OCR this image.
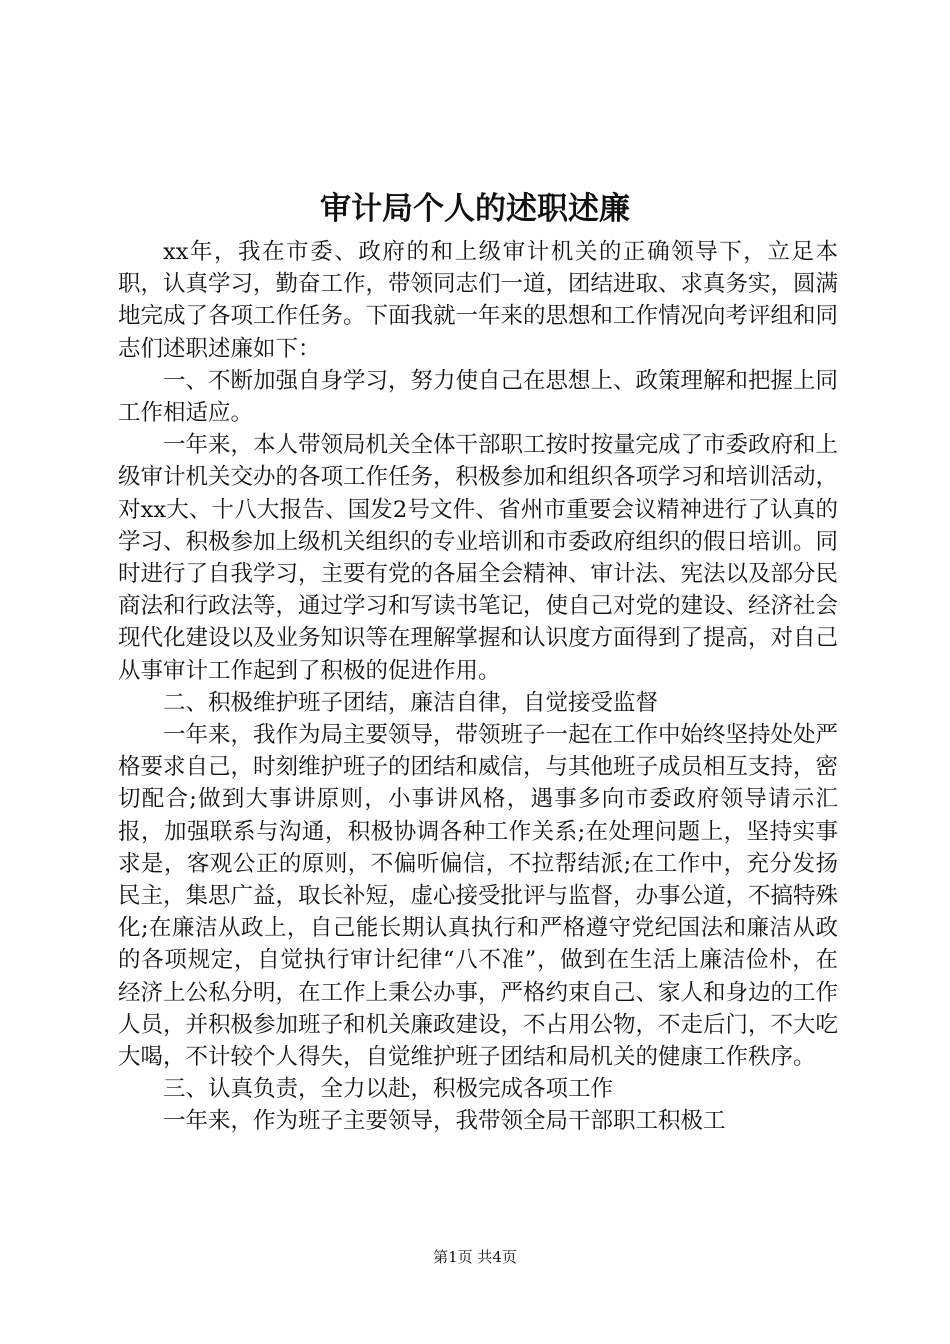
审计局个人的述职述廉

xx年，我在市委、政府的和上级审计机关的正确领导下，立足本职，认真学习，勤奋工作，带领同志们一道，团结进取、求真务实，圆满地完成了各项工作任务。下面我就一年来的思想和工作情况向考评组和同志们述职述廉如下：

一、不断加强自身学习，努力使自己在思想上、政策理解和把握上同工作相适应。

一年来，本人带领局机关全体干部职工按时按量完成了市委政府和上级审计机关交办的各项工作任务，积极参加和组织各项学习和培训活动，对xx大、十八大报告、国发2号文件、省州市重要会议精神进行了认真的学习、积极参加上级机关组织的专业培训和市委政府组织的假日培训。同时进行了自我学习，主要有党的各届全会精神、审计法、宪法以及部分民商法和行政法等，通过学习和写读书笔记，使自己对党的建设、经济社会现代化建设以及业务知识等在理解掌握和认识度方面得到了提高，对自己从事审计工作起到了积极的促进作用。

二、积极维护班子团结，廉洁自律，自觉接受监督

一年来，我作为局主要领导，带领班子一起在工作中始终坚持处处严格要求自己，时刻维护班子的团结和威信，与其他班子成员相互支持，密切配合;做到大事讲原则，小事讲风格，遇事多向市委政府领导请示汇报，加强联系与沟通，积极协调各种工作关系;在处理问题上，坚持实事求是，客观公正的原则，不偏听偏信，不拉帮结派;在工作中，充分发扬民主，集思广益，取长补短，虚心接受批评与监督，办事公道，不搞特殊化;在廉洁从政上，自己能长期认真执行和严格遵守党纪国法和廉洁从政的各项规定，自觉执行审计纪律“八不准”，做到在生活上廉洁俭朴，在经济上公私分明，在工作上秉公办事，严格约束自己、家人和身边的工作人员，并积极参加班子和机关廉政建设，不占用公物，不走后门，不大吃大喝，不计较个人得失，自觉维护班子团结和局机关的健康工作秩序。

三、认真负责，全力以赴，积极完成各项工作

一年来，作为班子主要领导，我带领全局干部职工积极工

第1页 共4页
